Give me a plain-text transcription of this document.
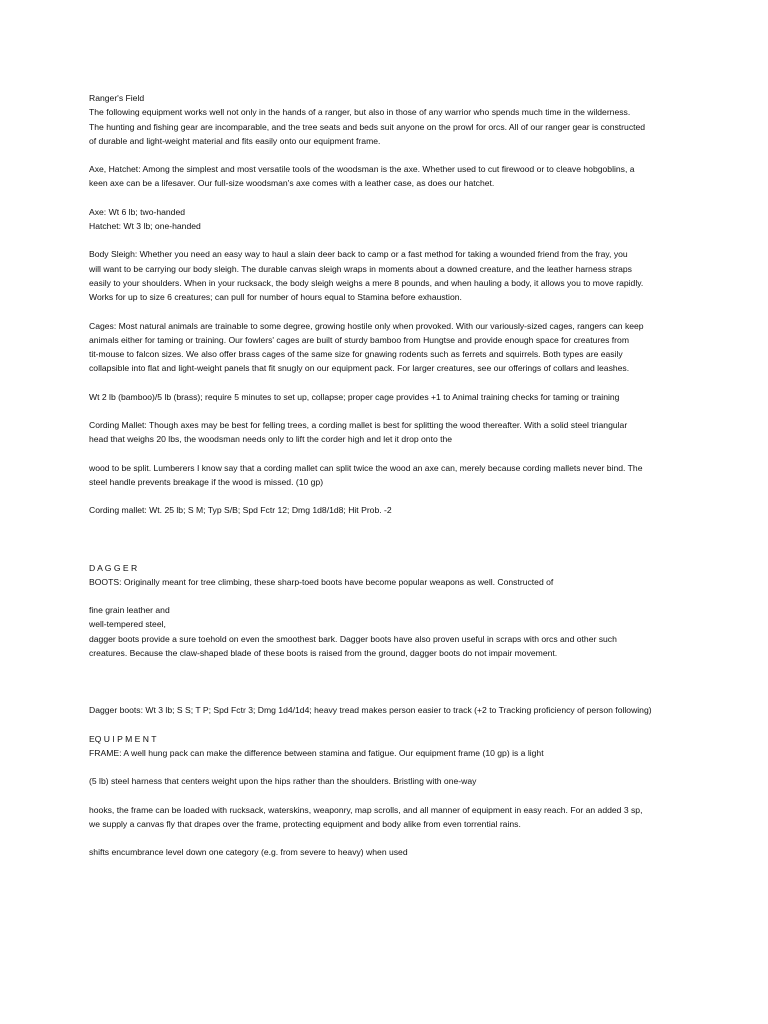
Ranger's Field
The following equipment works well not only in the hands of a ranger, but also in those of any warrior who spends much time in the wilderness.
The hunting and fishing gear are incomparable, and the tree seats and beds suit anyone on the prowl for orcs. All of our ranger gear is constructed
of durable and light-weight material and fits easily onto our equipment frame.
Axe, Hatchet: Among the simplest and most versatile tools of the woodsman is the axe. Whether used to cut firewood or to cleave hobgoblins, a
keen axe can be a lifesaver. Our full-size woodsman's axe comes with a leather case, as does our hatchet.
Axe: Wt 6 lb; two-handed
Hatchet: Wt 3 lb; one-handed
Body Sleigh: Whether you need an easy way to haul a slain deer back to camp or a fast method for taking a wounded friend from the fray, you
will want to be carrying our body sleigh. The durable canvas sleigh wraps in moments about a downed creature, and the leather harness straps
easily to your shoulders. When in your rucksack, the body sleigh weighs a mere 8 pounds, and when hauling a body, it allows you to move rapidly.
Works for up to size 6 creatures; can pull for number of hours equal to Stamina before exhaustion.
Cages: Most natural animals are trainable to some degree, growing hostile only when provoked. With our variously-sized cages, rangers can keep
animals either for taming or training. Our fowlers' cages are built of sturdy bamboo from Hungtse and provide enough space for creatures from
tit-mouse to falcon sizes. We also offer brass cages of the same size for gnawing rodents such as ferrets and squirrels. Both types are easily
collapsible into flat and light-weight panels that fit snugly on our equipment pack. For larger creatures, see our offerings of collars and leashes.
Wt 2 lb (bamboo)/5 lb (brass); require 5 minutes to set up, collapse; proper cage provides +1 to Animal training checks for taming or training
Cording Mallet: Though axes may be best for felling trees, a cording mallet is best for splitting the wood thereafter. With a solid steel triangular
head that weighs 20 lbs, the woodsman needs only to lift the corder high and let it drop onto the
wood to be split. Lumberers I know say that a cording mallet can split twice the wood an axe can, merely because cording mallets never bind. The
steel handle prevents breakage if the wood is missed. (10 gp)
Cording mallet: Wt. 25 lb; S M; Typ S/B; Spd Fctr 12; Dmg 1d8/1d8; Hit Prob. -2
D A G G E R
BOOTS: Originally meant for tree climbing, these sharp-toed boots have become popular weapons as well. Constructed of
fine grain leather and
well-tempered steel,
dagger boots provide a sure toehold on even the smoothest bark. Dagger boots have also proven useful in scraps with orcs and other such
creatures. Because the claw-shaped blade of these boots is raised from the ground, dagger boots do not impair movement.
Dagger boots: Wt 3 lb; S S; T P; Spd Fctr 3; Dmg 1d4/1d4; heavy tread makes person easier to track (+2 to Tracking proficiency of person following)
EQ U I P M E N T
FRAME: A well hung pack can make the difference between stamina and fatigue. Our equipment frame (10 gp) is a light
(5 lb) steel harness that centers weight upon the hips rather than the shoulders. Bristling with one-way
hooks, the frame can be loaded with rucksack, waterskins, weaponry, map scrolls, and all manner of equipment in easy reach. For an added 3 sp,
we supply a canvas fly that drapes over the frame, protecting equipment and body alike from even torrential rains.
shifts encumbrance level down one category (e.g. from severe to heavy) when used
